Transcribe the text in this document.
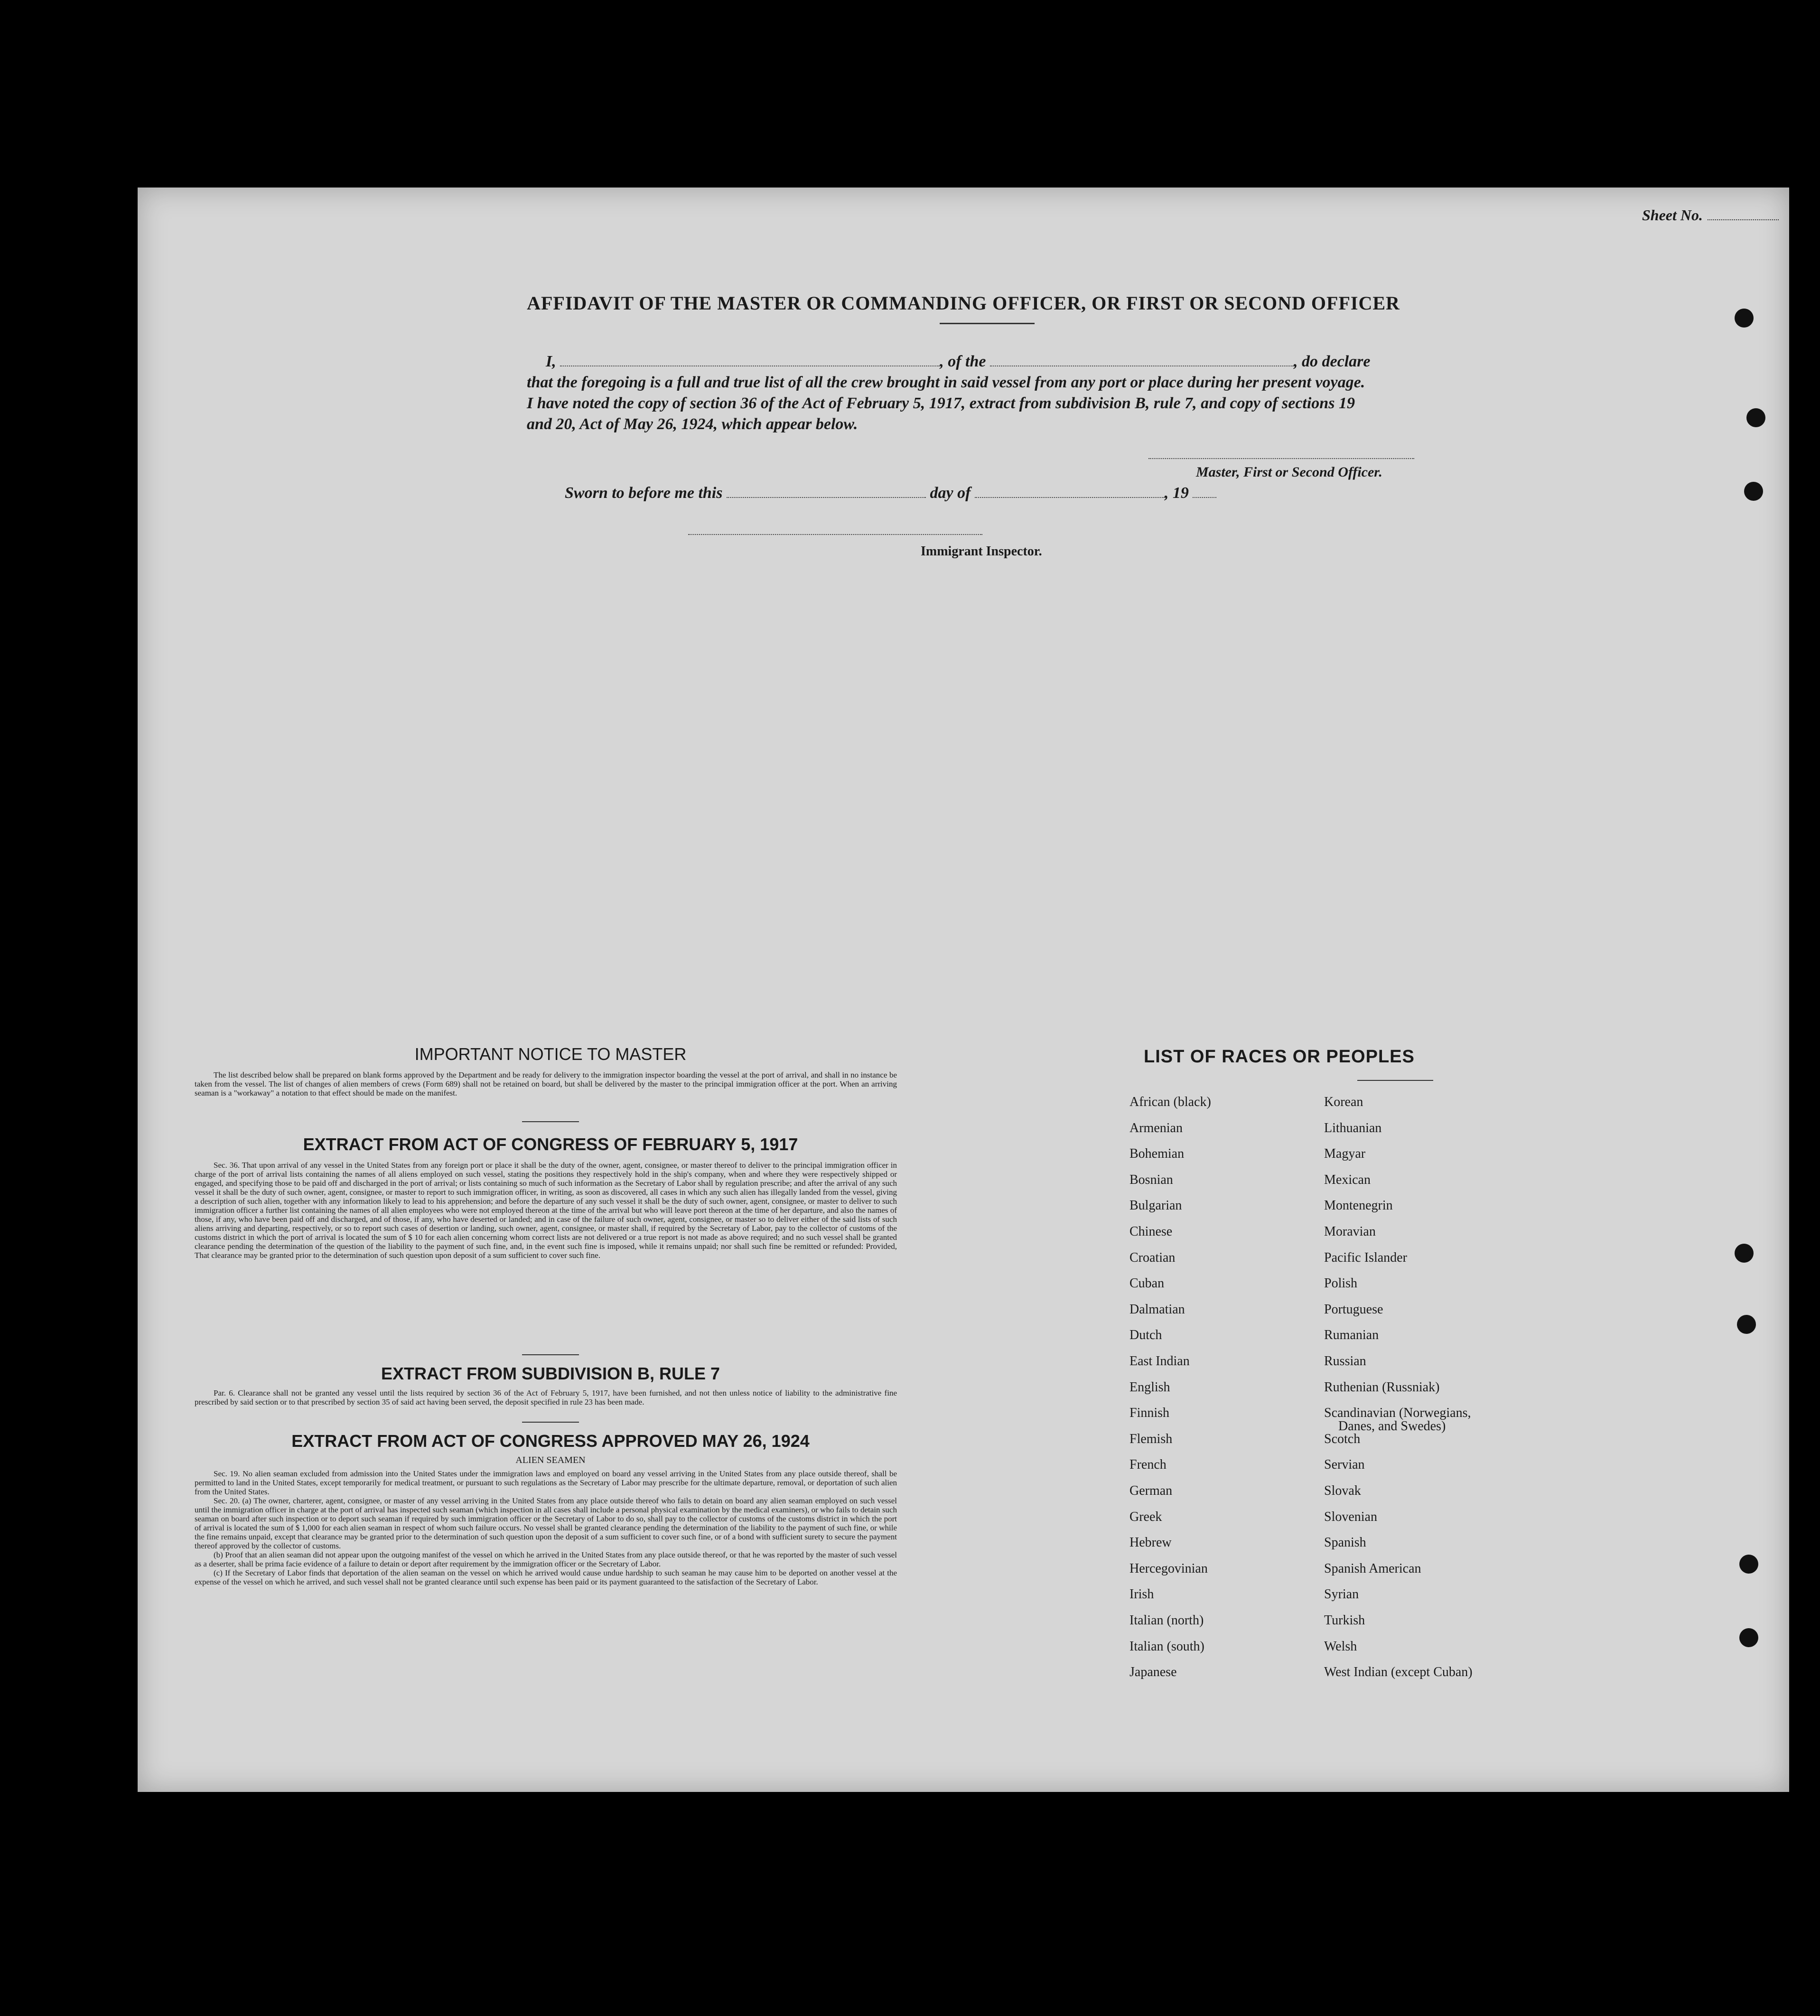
Sheet No.
AFFIDAVIT OF THE MASTER OR COMMANDING OFFICER, OR FIRST OR SECOND OFFICER
I,	, of the	, do declare
that the foregoing is a full and true list of all the crew brought in said vessel from any port or place during her present voyage.
I have noted the copy of section 36 of the Act of February 5, 1917, extract from subdivision B, rule 7, and copy of sections 19
and 20, Act of May 26, 1924, which appear below.
Master, First or Second Officer.
Sworn to before me this	day of	, 19
Immigrant Inspector.
IMPORTANT NOTICE TO MASTER

The list described below shall be prepared on blank forms approved by the Department and be ready for delivery to the immigration inspector boarding the vessel at the port of arrival, and shall in no instance be taken from the vessel. The list of changes of alien members of crews (Form 689) shall not be retained on board, but shall be delivered by the master to the principal immigration officer at the port. When an arriving seaman is a "workaway" a notation to that effect should be made on the manifest.

EXTRACT FROM ACT OF CONGRESS OF FEBRUARY 5, 1917

Sec. 36. That upon arrival of any vessel in the United States from any foreign port or place it shall be the duty of the owner, agent, consignee, or master thereof to deliver to the principal immigration officer in charge of the port of arrival lists containing the names of all aliens employed on such vessel, stating the positions they respectively hold in the ship's company, when and where they were respectively shipped or engaged, and specifying those to be paid off and discharged in the port of arrival; or lists containing so much of such information as the Secretary of Labor shall by regulation prescribe; and after the arrival of any such vessel it shall be the duty of such owner, agent, consignee, or master to report to such immigration officer, in writing, as soon as discovered, all cases in which any such alien has illegally landed from the vessel, giving a description of such alien, together with any information likely to lead to his apprehension; and before the departure of any such vessel it shall be the duty of such owner, agent, consignee, or master to deliver to such immigration officer a further list containing the names of all alien employees who were not employed thereon at the time of the arrival but who will leave port thereon at the time of her departure, and also the names of those, if any, who have been paid off and discharged, and of those, if any, who have deserted or landed; and in case of the failure of such owner, agent, consignee, or master so to deliver either of the said lists of such aliens arriving and departing, respectively, or so to report such cases of desertion or landing, such owner, agent, consignee, or master shall, if required by the Secretary of Labor, pay to the collector of customs of the customs district in which the port of arrival is located the sum of $ 10 for each alien concerning whom correct lists are not delivered or a true report is not made as above required; and no such vessel shall be granted clearance pending the determination of the question of the liability to the payment of such fine, and, in the event such fine is imposed, while it remains unpaid; nor shall such fine be remitted or refunded: Provided, That clearance may be granted prior to the determination of such question upon deposit of a sum sufficient to cover such fine.

EXTRACT FROM SUBDIVISION B, RULE 7

Par. 6. Clearance shall not be granted any vessel until the lists required by section 36 of the Act of February 5, 1917, have been furnished, and not then unless notice of liability to the administrative fine prescribed by said section or to that prescribed by section 35 of said act having been served, the deposit specified in rule 23 has been made.

EXTRACT FROM ACT OF CONGRESS APPROVED MAY 26, 1924
ALIEN SEAMEN

Sec. 19. No alien seaman excluded from admission into the United States under the immigration laws and employed on board any vessel arriving in the United States from any place outside thereof, shall be permitted to land in the United States, except temporarily for medical treatment, or pursuant to such regulations as the Secretary of Labor may prescribe for the ultimate departure, removal, or deportation of such alien from the United States.

Sec. 20. (a) The owner, charterer, agent, consignee, or master of any vessel arriving in the United States from any place outside thereof who fails to detain on board any alien seaman employed on such vessel until the immigration officer in charge at the port of arrival has inspected such seaman (which inspection in all cases shall include a personal physical examination by the medical examiners), or who fails to detain such seaman on board after such inspection or to deport such seaman if required by such immigration officer or the Secretary of Labor to do so, shall pay to the collector of customs of the customs district in which the port of arrival is located the sum of $ 1,000 for each alien seaman in respect of whom such failure occurs. No vessel shall be granted clearance pending the determination of the liability to the payment of such fine, or while the fine remains unpaid, except that clearance may be granted prior to the determination of such question upon the deposit of a sum sufficient to cover such fine, or of a bond with sufficient surety to secure the payment thereof approved by the collector of customs.

(b) Proof that an alien seaman did not appear upon the outgoing manifest of the vessel on which he arrived in the United States from any place outside thereof, or that he was reported by the master of such vessel as a deserter, shall be prima facie evidence of a failure to detain or deport after requirement by the immigration officer or the Secretary of Labor.

(c) If the Secretary of Labor finds that deportation of the alien seaman on the vessel on which he arrived would cause undue hardship to such seaman he may cause him to be deported on another vessel at the expense of the vessel on which he arrived, and such vessel shall not be granted clearance until such expense has been paid or its payment guaranteed to the satisfaction of the Secretary of Labor.

LIST OF RACES OR PEOPLES
African (black)
Armenian
Bohemian
Bosnian
Bulgarian
Chinese
Croatian
Cuban
Dalmatian
Dutch
East Indian
English
Finnish
Flemish
French
German
Greek
Hebrew
Hercegovinian
Irish
Italian (north)
Italian (south)
Japanese
Korean
Lithuanian
Magyar
Mexican
Montenegrin
Moravian
Pacific Islander
Polish
Portuguese
Rumanian
Russian
Ruthenian (Russniak)
Scandinavian (Norwegians,
Danes, and Swedes)
Scotch
Servian
Slovak
Slovenian
Spanish
Spanish American
Syrian
Turkish
Welsh
West Indian (except Cuban)
